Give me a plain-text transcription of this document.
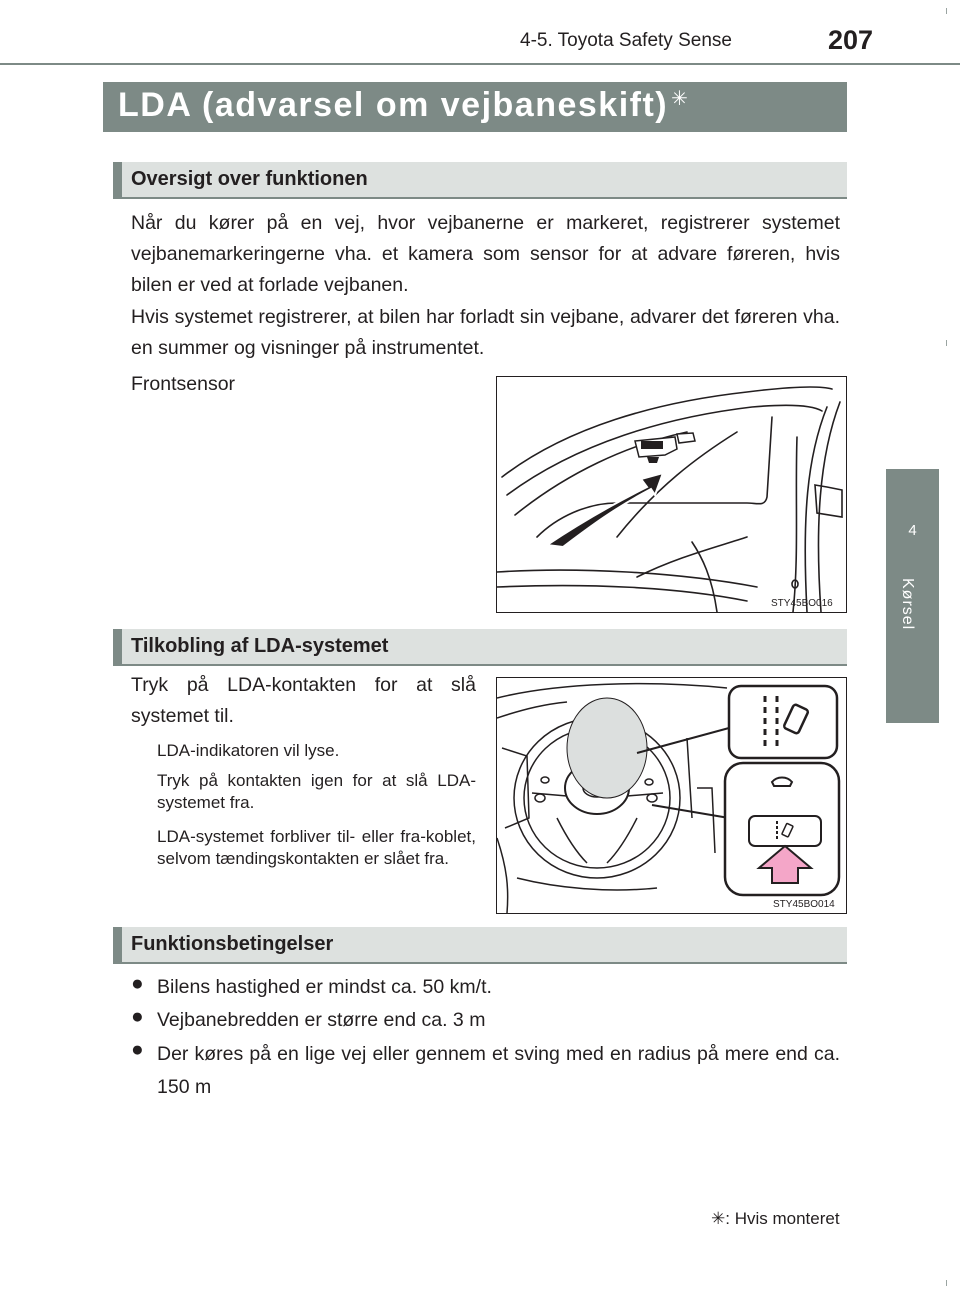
4-5. Toyota Safety Sense	207
4
Kørsel
LDA (advarsel om vejbaneskift) ✳
Oversigt over funktionen
Når du kører på en vej, hvor vejbanerne er markeret, registrerer systemet vejbanemarkeringerne vha. et kamera som sensor for at advare føreren, hvis bilen er ved at forlade vejbanen.
Hvis systemet registrerer, at bilen har forladt sin vejbane, advarer det føreren vha. en summer og visninger på instrumentet.
Frontsensor
STY45BO016
Tilkobling af LDA-systemet
Tryk på LDA-kontakten for at slå systemet til.
LDA-indikatoren vil lyse.
Tryk på kontakten igen for at slå LDA-systemet fra.
LDA-systemet forbliver til- eller fra-koblet, selvom tændingskontakten er slået fra.
STY45BO014
Funktionsbetingelser
● Bilens hastighed er mindst ca. 50 km/t.
● Vejbanebredden er større end ca. 3 m
● Der køres på en lige vej eller gennem et sving med en radius på mere end ca. 150 m
✳: Hvis monteret
